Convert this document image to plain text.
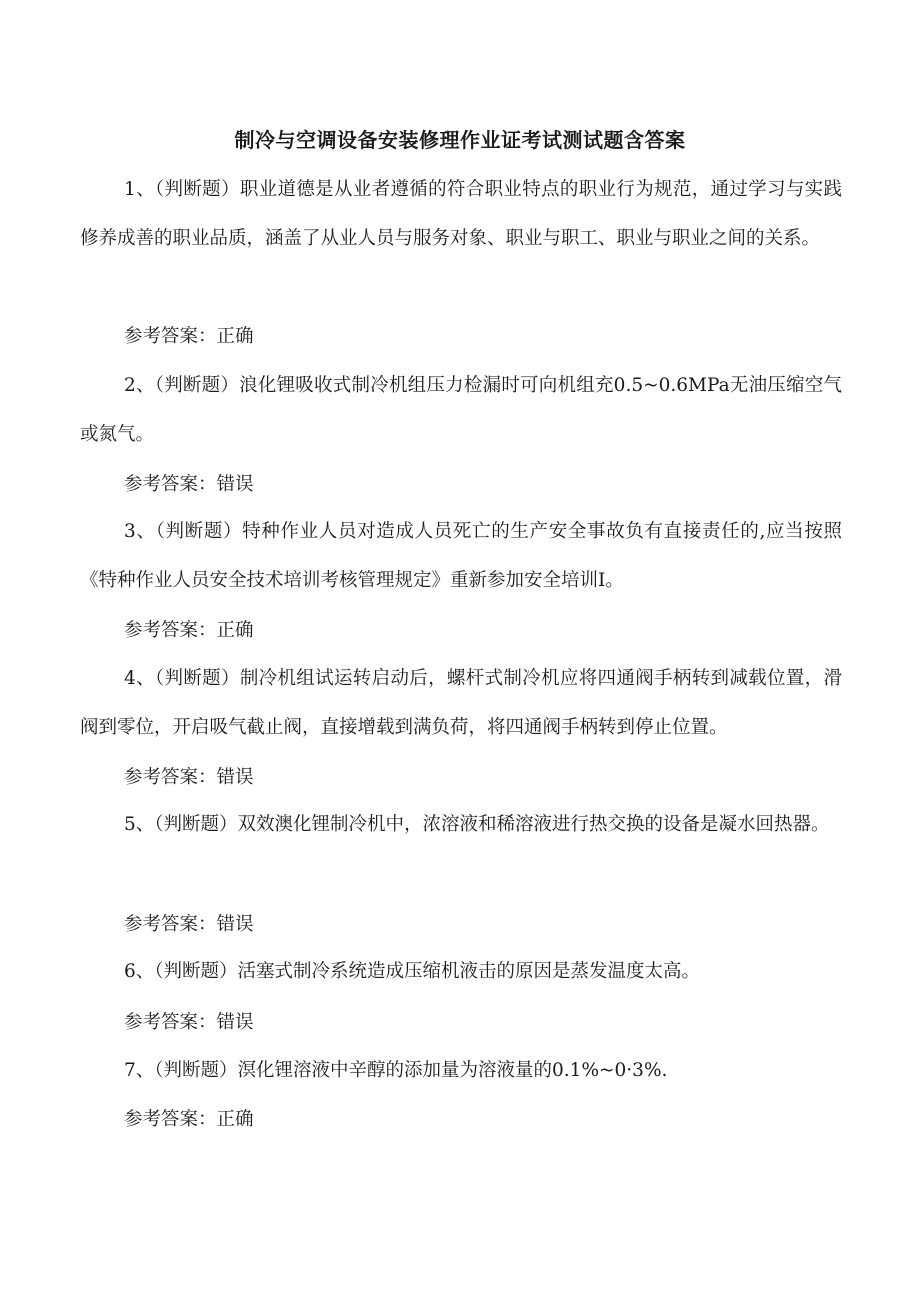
制冷与空调设备安装修理作业证考试测试题含答案

1、（判断题）职业道德是从业者遵循的符合职业特点的职业行为规范，通过学习与实践修养成善的职业品质，涵盖了从业人员与服务对象、职业与职工、职业与职业之间的关系。

参考答案：正确

2、（判断题）浪化锂吸收式制冷机组压力检漏时可向机组充0.5~0.6MPa无油压缩空气或氮气。

参考答案：错误

3、（判断题）特种作业人员对造成人员死亡的生产安全事故负有直接责任的,应当按照《特种作业人员安全技术培训考核管理规定》重新参加安全培训I。

参考答案：正确

4、（判断题）制冷机组试运转启动后，螺杆式制冷机应将四通阀手柄转到减载位置，滑阀到零位，开启吸气截止阀，直接增载到满负荷，将四通阀手柄转到停止位置。

参考答案：错误

5、（判断题）双效澳化锂制冷机中，浓溶液和稀溶液进行热交换的设备是凝水回热器。

参考答案：错误

6、（判断题）活塞式制冷系统造成压缩机液击的原因是蒸发温度太高。

参考答案：错误

7、（判断题）溟化锂溶液中辛醇的添加量为溶液量的0.1%~0·3%.

参考答案：正确
